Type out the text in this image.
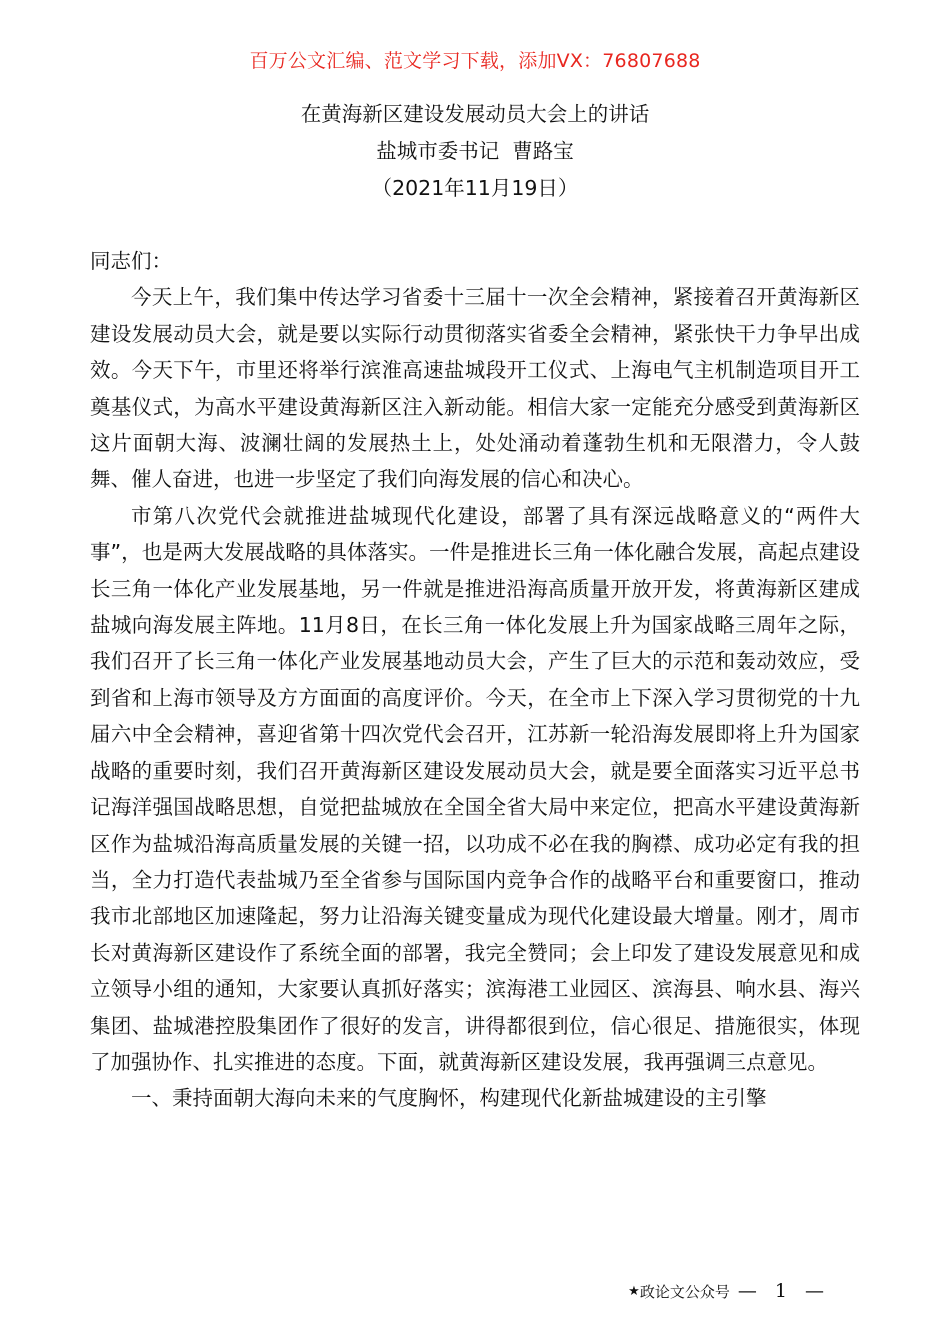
百万公文汇编、范文学习下载，添加VX：76807688
在黄海新区建设发展动员大会上的讲话
盐城市委书记  曹路宝
（2021年11月19日）

同志们：

今天上午，我们集中传达学习省委十三届十一次全会精神，紧接着召开黄海新区建设发展动员大会，就是要以实际行动贯彻落实省委全会精神，紧张快干力争早出成效。今天下午，市里还将举行滨淮高速盐城段开工仪式、上海电气主机制造项目开工奠基仪式，为高水平建设黄海新区注入新动能。相信大家一定能充分感受到黄海新区这片面朝大海、波澜壮阔的发展热土上，处处涌动着蓬勃生机和无限潜力，令人鼓舞、催人奋进，也进一步坚定了我们向海发展的信心和决心。

市第八次党代会就推进盐城现代化建设，部署了具有深远战略意义的“两件大事”，也是两大发展战略的具体落实。一件是推进长三角一体化融合发展，高起点建设长三角一体化产业发展基地，另一件就是推进沿海高质量开放开发，将黄海新区建成盐城向海发展主阵地。11月8日，在长三角一体化发展上升为国家战略三周年之际，我们召开了长三角一体化产业发展基地动员大会，产生了巨大的示范和轰动效应，受到省和上海市领导及方方面面的高度评价。今天，在全市上下深入学习贯彻党的十九届六中全会精神，喜迎省第十四次党代会召开，江苏新一轮沿海发展即将上升为国家战略的重要时刻，我们召开黄海新区建设发展动员大会，就是要全面落实习近平总书记海洋强国战略思想，自觉把盐城放在全国全省大局中来定位，把高水平建设黄海新区作为盐城沿海高质量发展的关键一招，以功成不必在我的胸襟、成功必定有我的担当，全力打造代表盐城乃至全省参与国际国内竞争合作的战略平台和重要窗口，推动我市北部地区加速隆起，努力让沿海关键变量成为现代化建设最大增量。刚才，周市长对黄海新区建设作了系统全面的部署，我完全赞同；会上印发了建设发展意见和成立领导小组的通知，大家要认真抓好落实；滨海港工业园区、滨海县、响水县、海兴集团、盐城港控股集团作了很好的发言，讲得都很到位，信心很足、措施很实，体现了加强协作、扎实推进的态度。下面，就黄海新区建设发展，我再强调三点意见。

一、秉持面朝大海向未来的气度胸怀，构建现代化新盐城建设的主引擎

★ 政论文公众号 — 1 —
